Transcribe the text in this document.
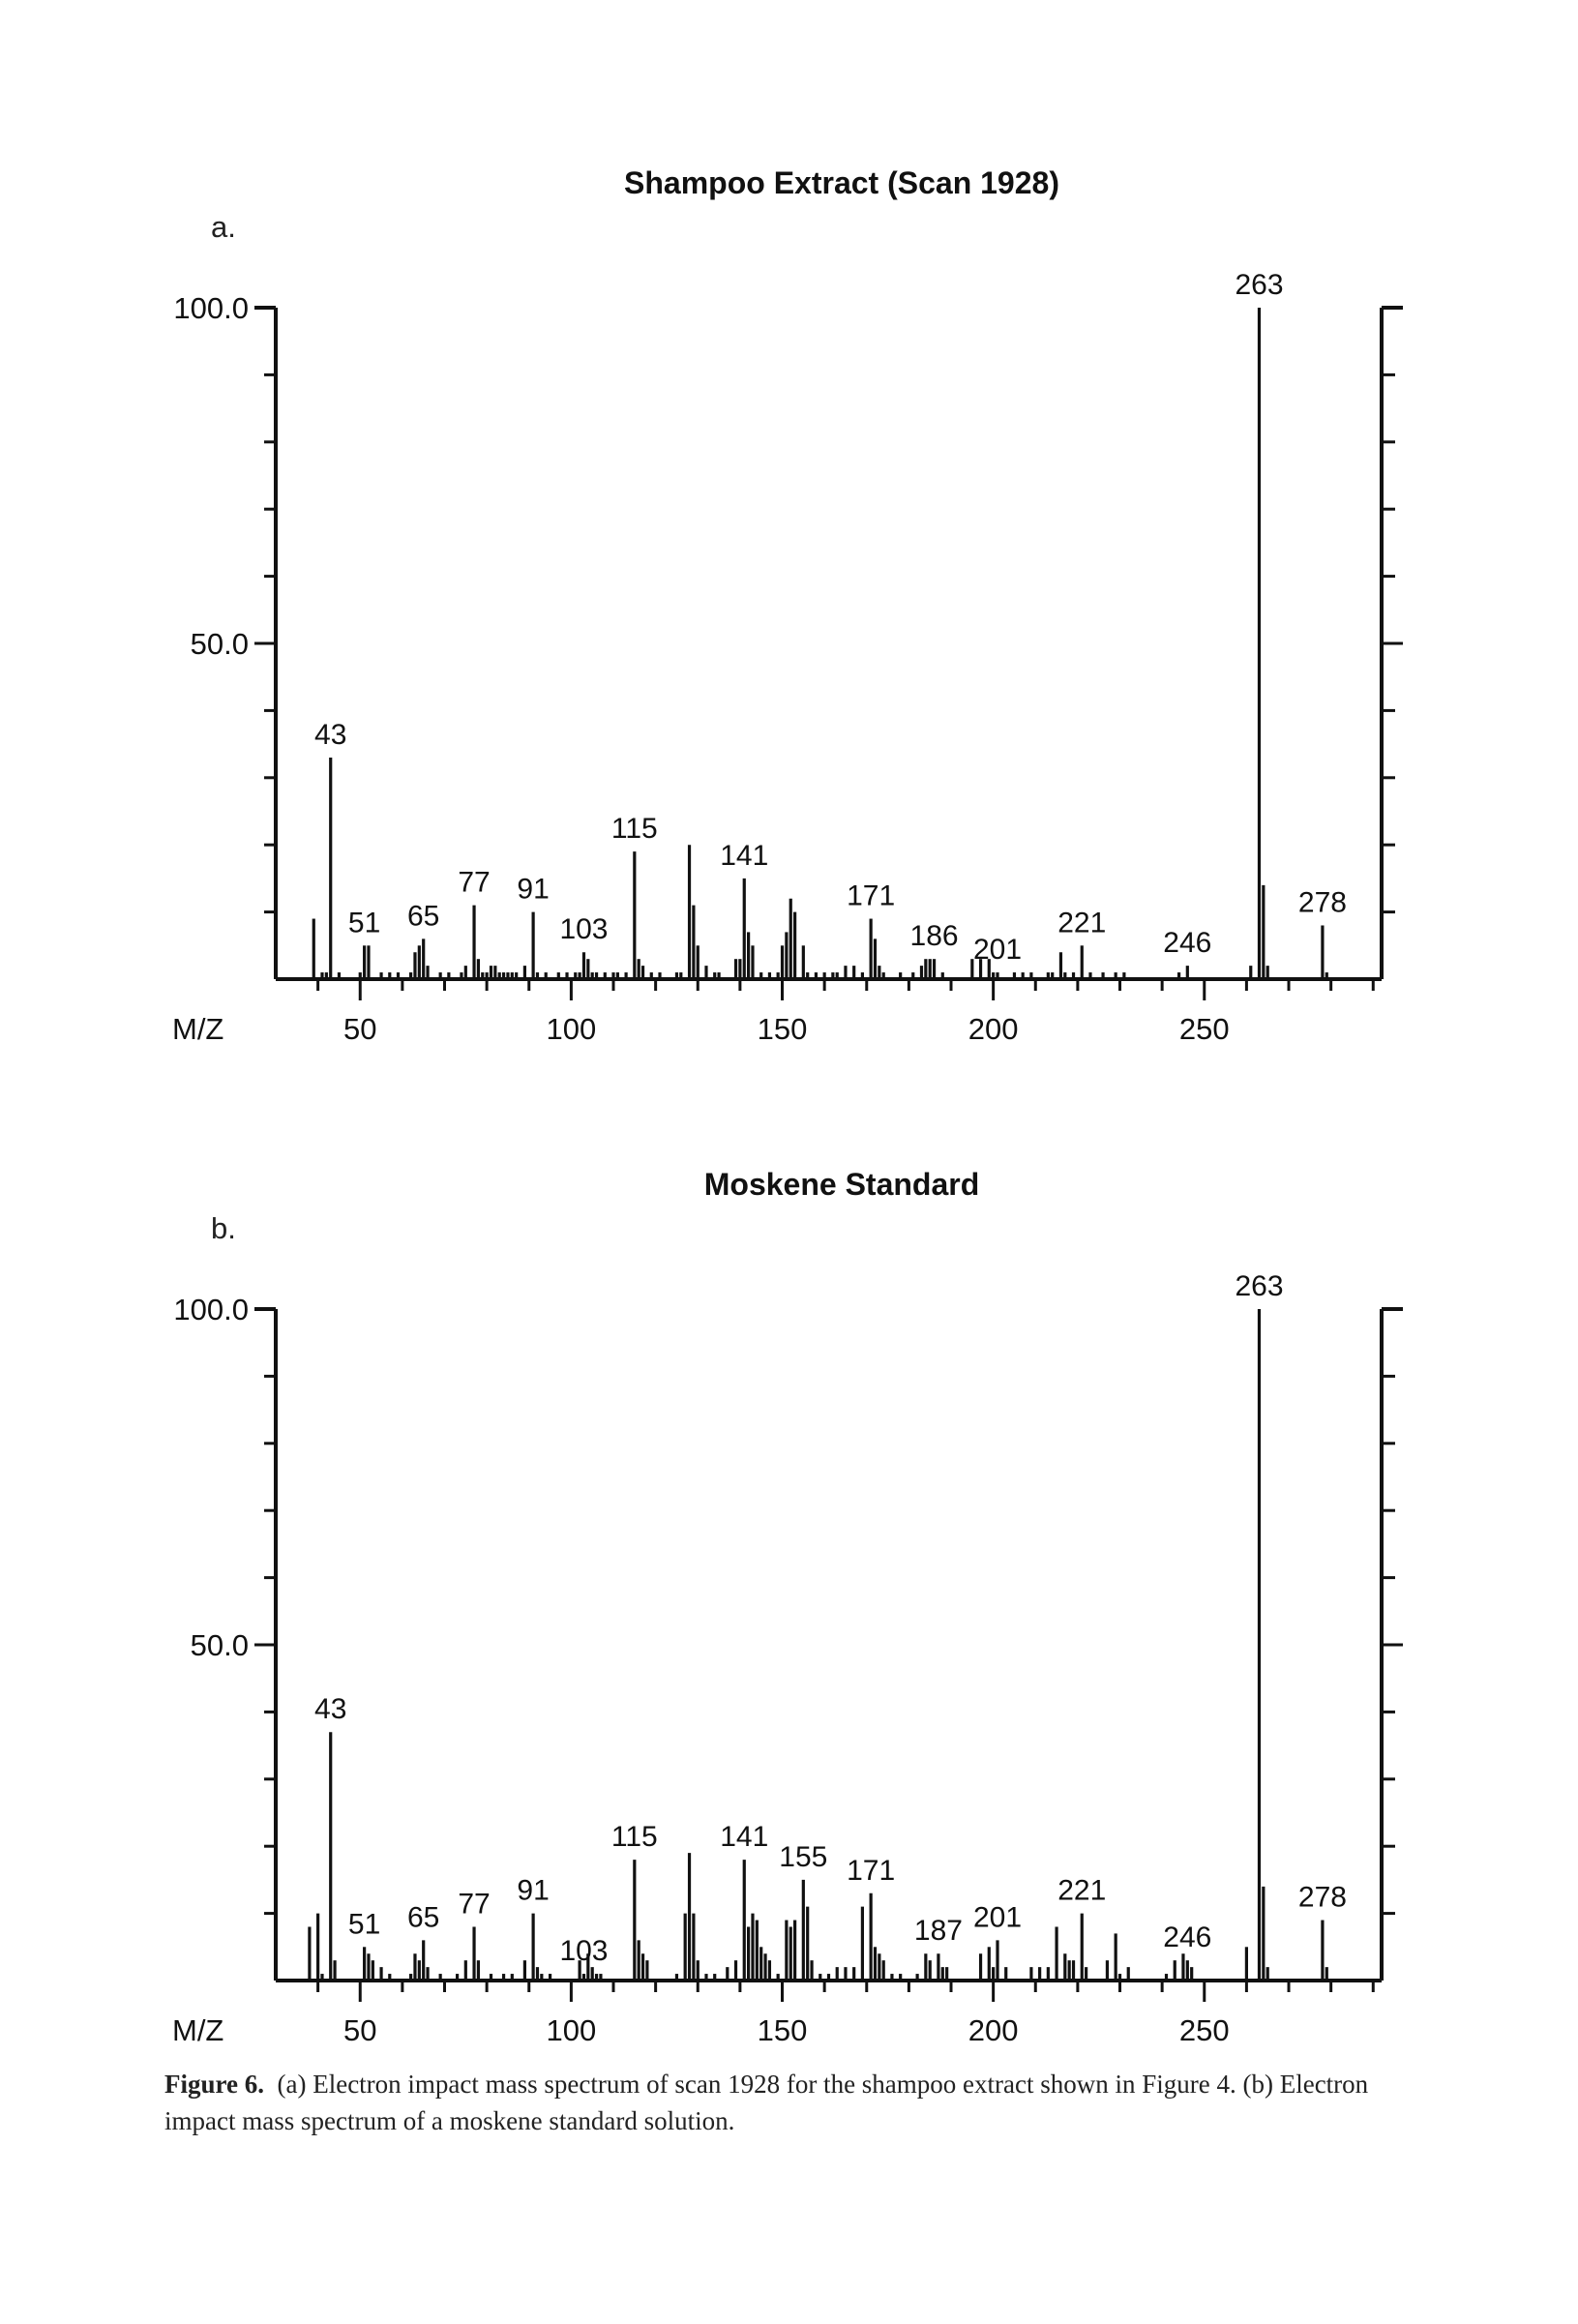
Shampoo Extract (Scan 1928)
a.
100.0
50.0
50	100	150	200	250
M/Z
43
51 65
77 91
103
115
141
171
186 201
221
246
263
278
Moskene Standard
b.
100.0
50.0
50	100	150	200	250
M/Z
43
51 65 77 91
103
115 141
155 171
187 201
221
246
263
278
Figure 6. (a) Electron impact mass spectrum of scan 1928 for the shampoo extract shown in Figure 4. (b) Electron impact mass spectrum of a moskene standard solution.
